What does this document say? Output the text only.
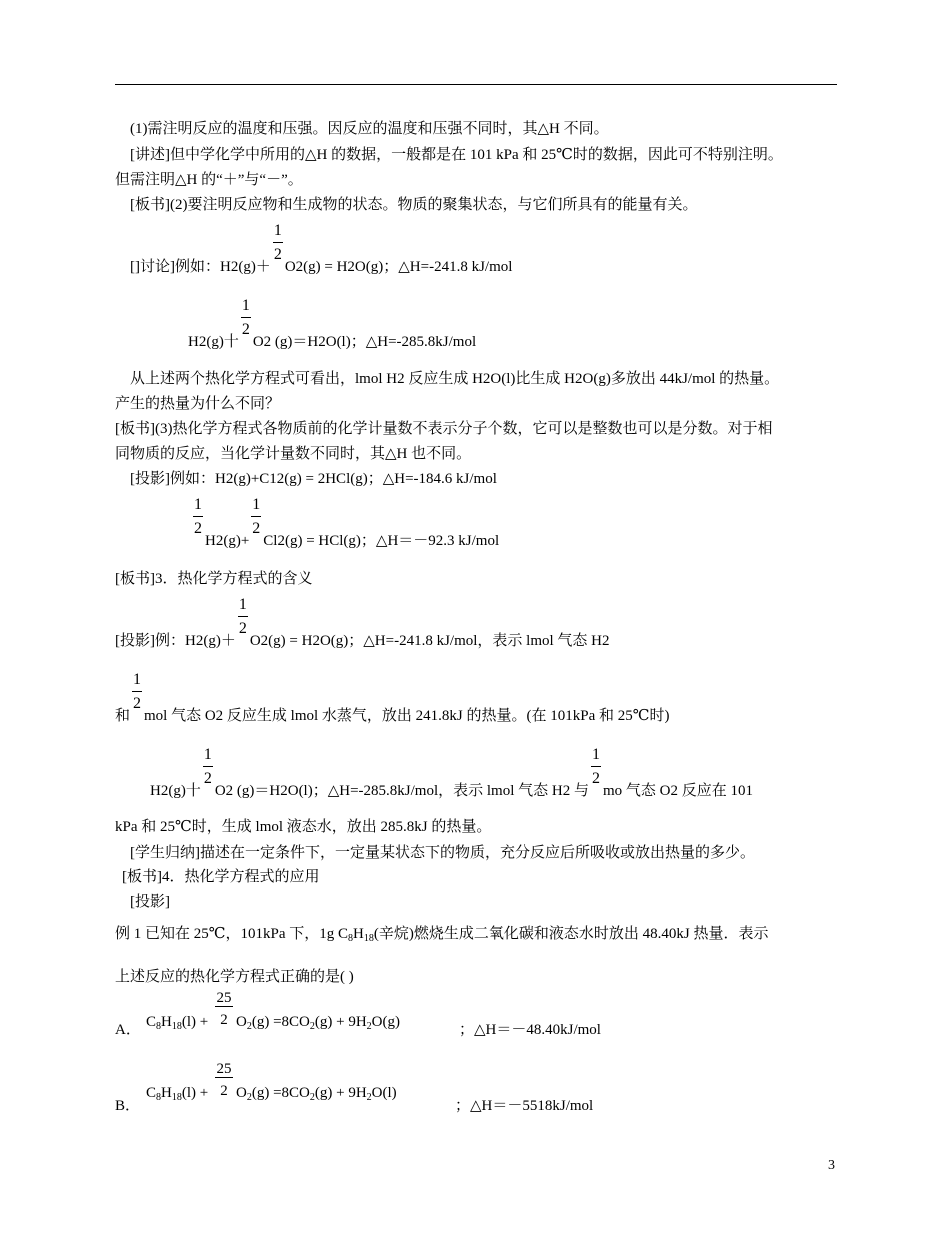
(1)需注明反应的温度和压强。因反应的温度和压强不同时，其△H 不同。
[讲述]但中学化学中所用的△H 的数据，一般都是在 101 kPa 和 25℃时的数据，因此可不特别注明。
但需注明△H 的“＋”与“－”。
[板书](2)要注明反应物和生成物的状态。物质的聚集状态，与它们所具有的能量有关。
[]讨论]例如：$H2(g)+ \frac{1}{2} O2(g) = H2O(g)$；△H=-241.8 kJ/mol
H2(g)十 $\frac{1}{2} O2$ (g)＝H2O(l)；△H=-285.8kJ/mol
从上述两个热化学方程式可看出，lmol H2 反应生成 H2O(l)比生成 H2O(g)多放出 44kJ/mol 的热量。
产生的热量为什么不同？
[板书](3)热化学方程式各物质前的化学计量数不表示分子个数，它可以是整数也可以是分数。对于相
同物质的反应，当化学计量数不同时，其△H 也不同。
[投影]例如：H2(g)+C12(g) = 2HCl(g)；△H=-184.6 kJ/mol
$\frac{1}{2} H2(g)+ \frac{1}{2} Cl2(g) = HCl(g)$；△H＝－92.3 kJ/mol
[板书]3．热化学方程式的含义
[投影]例：$H2(g)+ \frac{1}{2} O2(g) = H2O(g)$；△H=-241.8 kJ/mol，表示 lmol 气态 H2
和 $\frac{1}{2}$ mol 气态 O2 反应生成 lmol 水蒸气，放出 241.8kJ 的热量。(在 101kPa 和 25℃时)
H2(g)十 $\frac{1}{2} O2$ (g)＝H2O(l)；△H=-285.8kJ/mol，表示 lmol 气态 H2 与 $\frac{1}{2}$ mo 气态 O2 反应在 101
kPa 和 25℃时，生成 lmol 液态水，放出 285.8kJ 的热量。
[学生归纳]描述在一定条件下，一定量某状态下的物质，充分反应后所吸收或放出热量的多少。
[板书]4．热化学方程式的应用
[投影]
例 1 已知在 25℃，101kPa 下，1g $C_8H_{18}$(辛烷)燃烧生成二氧化碳和液态水时放出 48.40kJ 热量．表示
上述反应的热化学方程式正确的是( )
A． $C_8H_{18}(l) + \frac{25}{2} O_2(g) =8CO_2(g) + 9H_2O(g)$	；△H＝－48.40kJ/mol
B．
$C_8H_{18}(l) + \frac{25}{2} O_2(g) =8CO_2(g) + 9H_2O(l)$
；△H＝－5518kJ/mol
3
